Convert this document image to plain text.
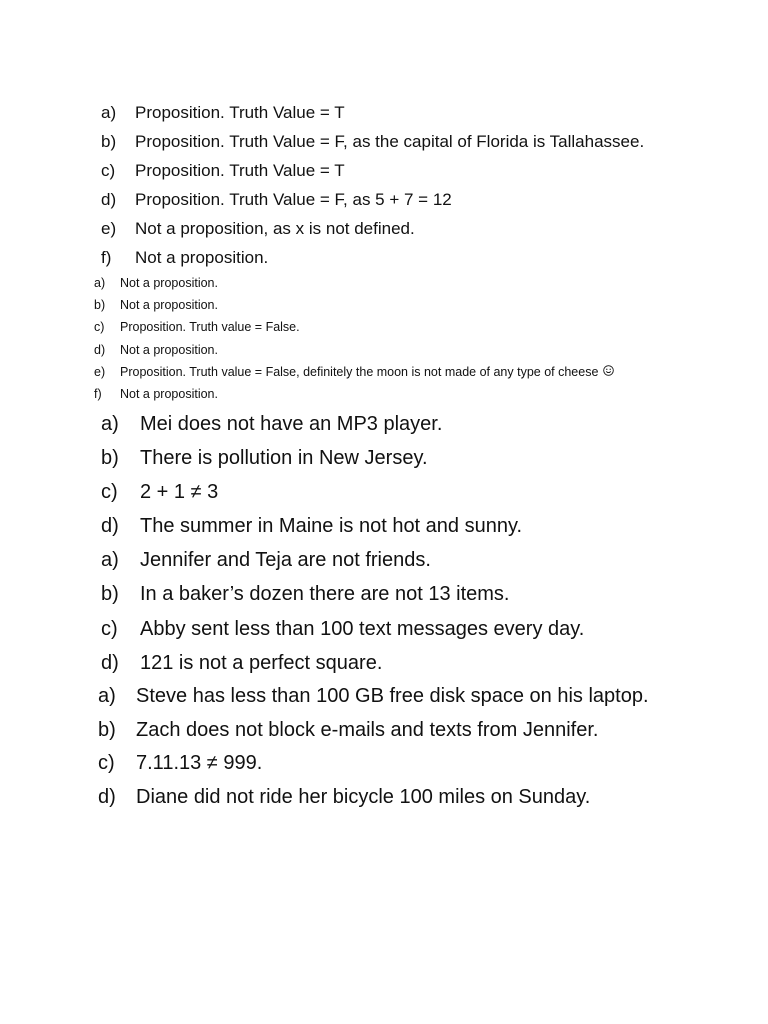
a)	Proposition. Truth Value = T
b)	Proposition. Truth Value = F, as the capital of Florida is Tallahassee.
c)	Proposition. Truth Value = T
d)	Proposition. Truth Value = F, as 5 + 7 = 12
e)	Not a proposition, as x is not defined.
f)	Not a proposition.
a)	Not a proposition.
b)	Not a proposition.
c)	Proposition. Truth value = False.
d)	Not a proposition.
e)	Proposition. Truth value = False, definitely the moon is not made of any type of cheese
f)	Not a proposition.
a)	Mei does not have an MP3 player.
b)	There is pollution in New Jersey.
c)	2 + 1 ≠ 3
d)	The summer in Maine is not hot and sunny.
a)	Jennifer and Teja are not friends.
b)	In a baker’s dozen there are not 13 items.
c)	Abby sent less than 100 text messages every day.
d)	121 is not a perfect square.
a)	Steve has less than 100 GB free disk space on his laptop.
b)	Zach does not block e-mails and texts from Jennifer.
c)	7.11.13 ≠ 999.
d)	Diane did not ride her bicycle 100 miles on Sunday.
